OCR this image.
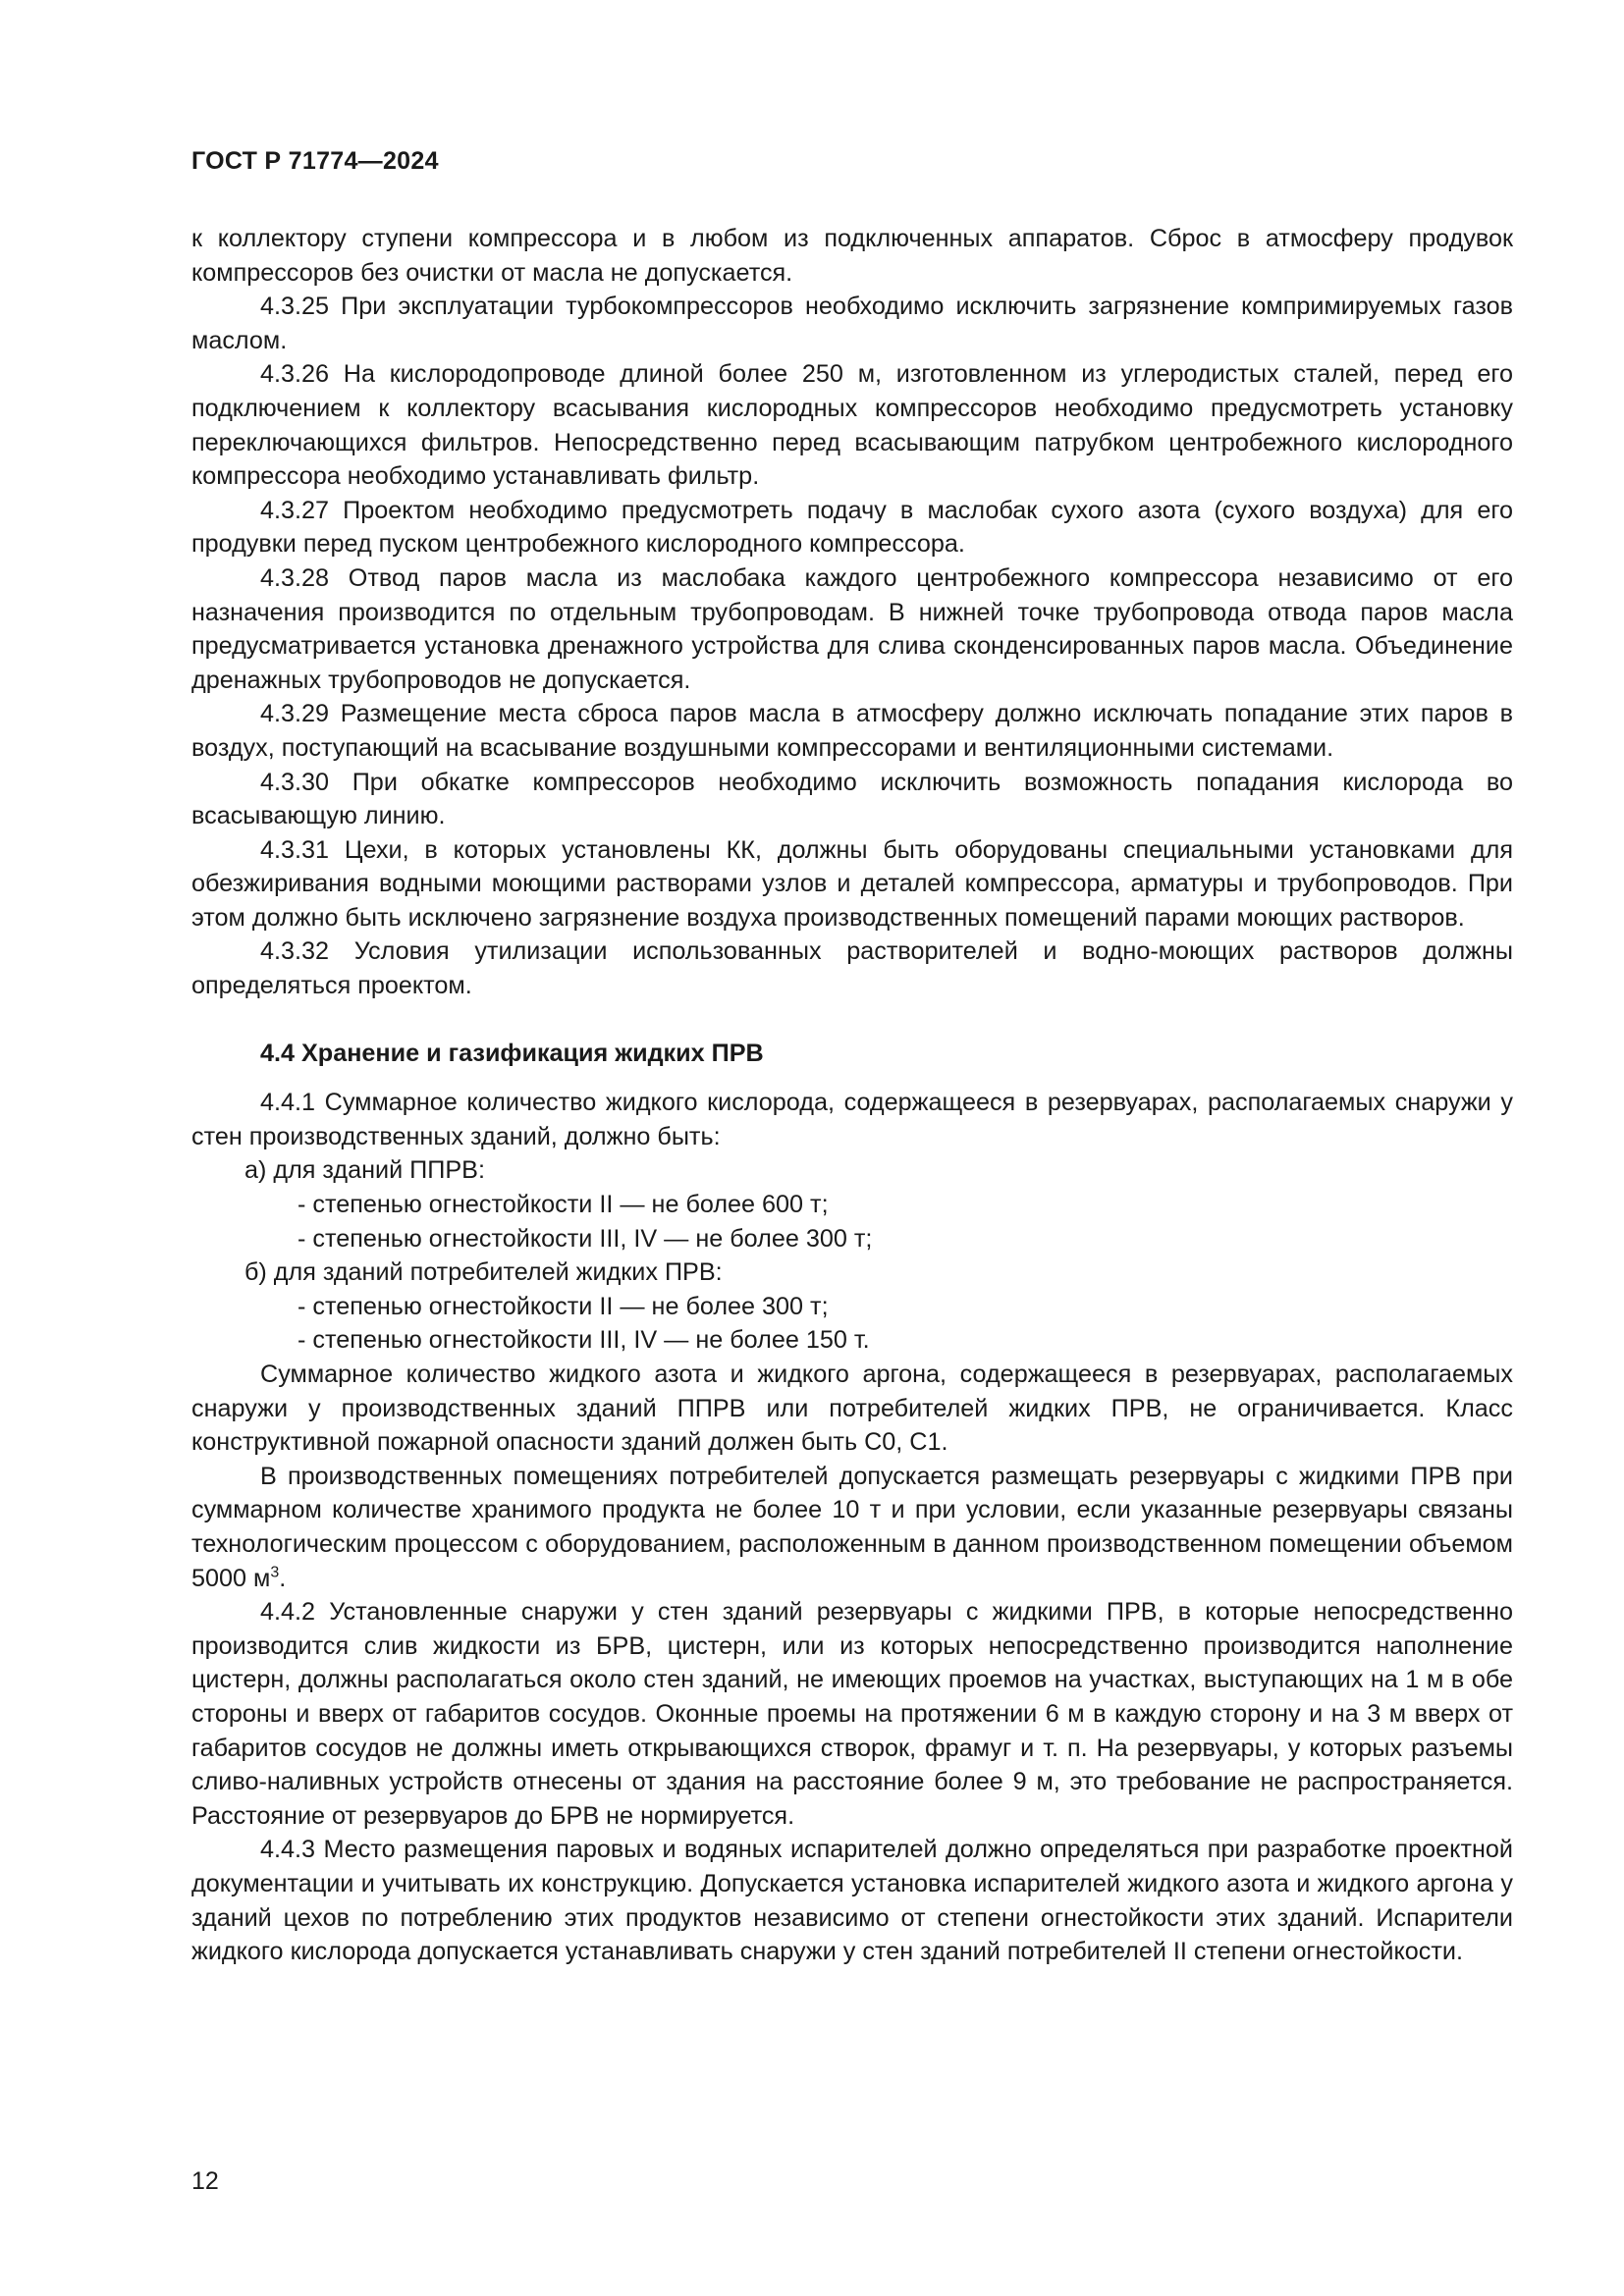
ГОСТ Р 71774—2024

к коллектору ступени компрессора и в любом из подключенных аппаратов. Сброс в атмосферу продувок компрессоров без очистки от масла не допускается.

4.3.25 При эксплуатации турбокомпрессоров необходимо исключить загрязнение компримируемых газов маслом.

4.3.26 На кислородопроводе длиной более 250 м, изготовленном из углеродистых сталей, перед его подключением к коллектору всасывания кислородных компрессоров необходимо предусмотреть установку переключающихся фильтров. Непосредственно перед всасывающим патрубком центробежного кислородного компрессора необходимо устанавливать фильтр.

4.3.27 Проектом необходимо предусмотреть подачу в маслобак сухого азота (сухого воздуха) для его продувки перед пуском центробежного кислородного компрессора.

4.3.28 Отвод паров масла из маслобака каждого центробежного компрессора независимо от его назначения производится по отдельным трубопроводам. В нижней точке трубопровода отвода паров масла предусматривается установка дренажного устройства для слива сконденсированных паров масла. Объединение дренажных трубопроводов не допускается.

4.3.29 Размещение места сброса паров масла в атмосферу должно исключать попадание этих паров в воздух, поступающий на всасывание воздушными компрессорами и вентиляционными системами.

4.3.30 При обкатке компрессоров необходимо исключить возможность попадания кислорода во всасывающую линию.

4.3.31 Цехи, в которых установлены КК, должны быть оборудованы специальными установками для обезжиривания водными моющими растворами узлов и деталей компрессора, арматуры и трубопроводов. При этом должно быть исключено загрязнение воздуха производственных помещений парами моющих растворов.

4.3.32 Условия утилизации использованных растворителей и водно-моющих растворов должны определяться проектом.

4.4 Хранение и газификация жидких ПРВ

4.4.1 Суммарное количество жидкого кислорода, содержащееся в резервуарах, располагаемых снаружи у стен производственных зданий, должно быть:

а) для зданий ППРВ:

- степенью огнестойкости II — не более 600 т;

- степенью огнестойкости III, IV — не более 300 т;

б) для зданий потребителей жидких ПРВ:

- степенью огнестойкости II — не более 300 т;

- степенью огнестойкости III, IV — не более 150 т.

Суммарное количество жидкого азота и жидкого аргона, содержащееся в резервуарах, располагаемых снаружи у производственных зданий ППРВ или потребителей жидких ПРВ, не ограничивается. Класс конструктивной пожарной опасности зданий должен быть С0, С1.

В производственных помещениях потребителей допускается размещать резервуары с жидкими ПРВ при суммарном количестве хранимого продукта не более 10 т и при условии, если указанные резервуары связаны технологическим процессом с оборудованием, расположенным в данном производственном помещении объемом 5000 $м^3$.

4.4.2 Установленные снаружи у стен зданий резервуары с жидкими ПРВ, в которые непосредственно производится слив жидкости из БРВ, цистерн, или из которых непосредственно производится наполнение цистерн, должны располагаться около стен зданий, не имеющих проемов на участках, выступающих на 1 м в обе стороны и вверх от габаритов сосудов. Оконные проемы на протяжении 6 м в каждую сторону и на 3 м вверх от габаритов сосудов не должны иметь открывающихся створок, фрамуг и т. п. На резервуары, у которых разъемы сливо-наливных устройств отнесены от здания на расстояние более 9 м, это требование не распространяется. Расстояние от резервуаров до БРВ не нормируется.

4.4.3 Место размещения паровых и водяных испарителей должно определяться при разработке проектной документации и учитывать их конструкцию. Допускается установка испарителей жидкого азота и жидкого аргона у зданий цехов по потреблению этих продуктов независимо от степени огнестойкости этих зданий. Испарители жидкого кислорода допускается устанавливать снаружи у стен зданий потребителей II степени огнестойкости.

12
